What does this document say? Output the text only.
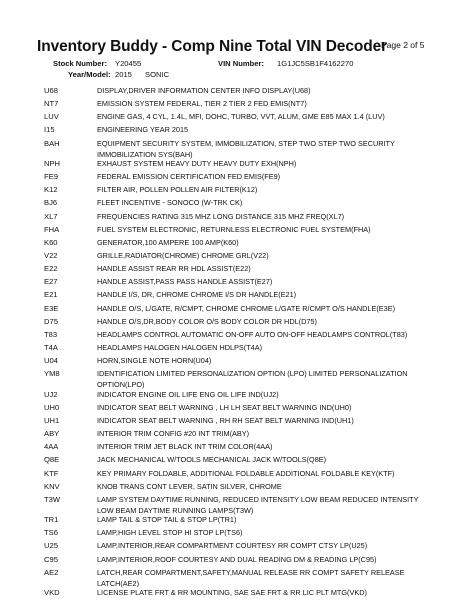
Inventory Buddy - Comp Nine Total VIN Decoder
Page 2 of 5
Stock Number: Y20455	VIN Number: 1G1JC5SB1F4162270
Year/Model: 2015 SONIC
U68	DISPLAY,DRIVER INFORMATION CENTER INFO DISPLAY(U68)
NT7	EMISSION SYSTEM FEDERAL, TIER 2 TIER 2 FED EMIS(NT7)
LUV	ENGINE GAS, 4 CYL, 1.4L, MFI, DOHC, TURBO, VVT, ALUM, GME E85 MAX 1.4 (LUV)
I15	ENGINEERING YEAR 2015
BAH	EQUIPMENT SECURITY SYSTEM, IMMOBILIZATION, STEP TWO STEP TWO SECURITY IMMOBILIZATION SYS(BAH)
NPH	EXHAUST SYSTEM HEAVY DUTY HEAVY DUTY EXH(NPH)
FE9	FEDERAL EMISSION CERTIFICATION FED EMIS(FE9)
K12	FILTER AIR, POLLEN POLLEN AIR FILTER(K12)
BJ6	FLEET INCENTIVE - SONOCO (W-TRK CK)
XL7	FREQUENCIES RATING 315 MHZ LONG DISTANCE 315 MHZ FREQ(XL7)
FHA	FUEL SYSTEM ELECTRONIC, RETURNLESS ELECTRONIC FUEL SYSTEM(FHA)
K60	GENERATOR,100 AMPERE 100 AMP(K60)
V22	GRILLE,RADIATOR(CHROME) CHROME GRL(V22)
E22	HANDLE ASSIST REAR RR HDL ASSIST(E22)
E27	HANDLE ASSIST,PASS PASS HANDLE ASSIST(E27)
E21	HANDLE I/S, DR, CHROME CHROME I/S DR HANDLE(E21)
E3E	HANDLE O/S, L/GATE, R/CMPT, CHROME CHROME L/GATE R/CMPT O/S HANDLE(E3E)
D75	HANDLE O/S,DR,BODY COLOR O/S BODY COLOR DR HDL(D75)
T83	HEADLAMPS CONTROL AUTOMATIC ON-OFF AUTO ON-OFF HEADLAMPS CONTROL(T83)
T4A	HEADLAMPS HALOGEN HALOGEN HDLPS(T4A)
U04	HORN,SINGLE NOTE HORN(U04)
YM8	IDENTIFICATION LIMITED PERSONALIZATION OPTION (LPO) LIMITED PERSONALIZATION OPTION(LPO)
UJ2	INDICATOR ENGINE OIL LIFE ENG OIL LIFE IND(UJ2)
UH0	INDICATOR SEAT BELT WARNING , LH LH SEAT BELT WARNING IND(UH0)
UH1	INDICATOR SEAT BELT WARNING , RH RH SEAT BELT WARNING IND(UH1)
ABY	INTERIOR TRIM CONFIG #20 INT TRIM(ABY)
4AA	INTERIOR TRIM JET BLACK INT TRIM COLOR(4AA)
Q8E	JACK MECHANICAL W/TOOLS MECHANICAL JACK W/TOOLS(Q8E)
KTF	KEY PRIMARY FOLDABLE, ADDITIONAL FOLDABLE ADDITIONAL FOLDABLE KEY(KTF)
KNV	KNOB TRANS CONT LEVER, SATIN SILVER, CHROME
T3W	LAMP SYSTEM DAYTIME RUNNING, REDUCED INTENSITY LOW BEAM REDUCED INTENSITY LOW BEAM DAYTIME RUNNING LAMPS(T3W)
TR1	LAMP TAIL & STOP TAIL & STOP LP(TR1)
TS6	LAMP,HIGH LEVEL STOP HI STOP LP(TS6)
U25	LAMP,INTERIOR,REAR COMPARTMENT COURTESY RR COMPT CTSY LP(U25)
C95	LAMP,INTERIOR,ROOF COURTESY AND DUAL READING DM & READING LP(C95)
AE2	LATCH,REAR COMPARTMENT,SAFETY,MANUAL RELEASE RR COMPT SAFETY RELEASE LATCH(AE2)
VKD	LICENSE PLATE FRT & RR MOUNTING, SAE SAE FRT & RR LIC PLT MTG(VKD)
